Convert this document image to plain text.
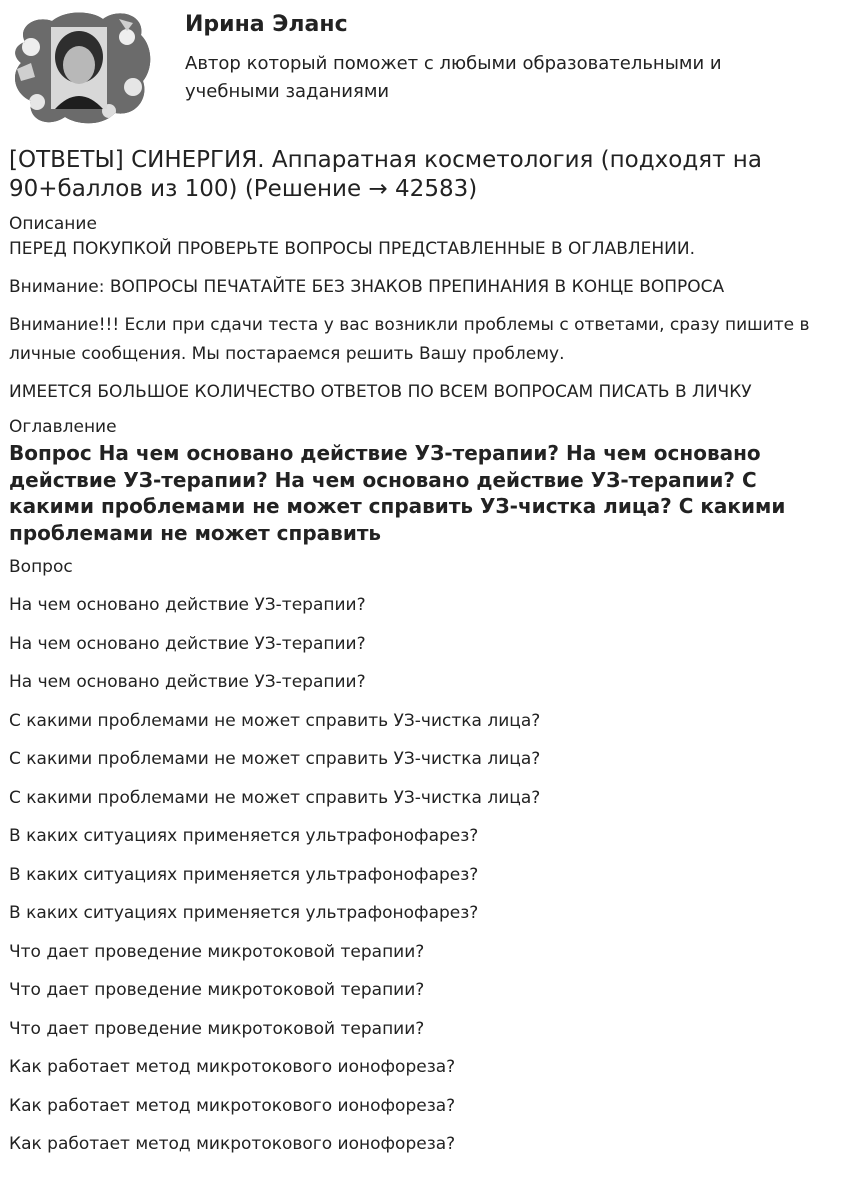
Ирина Эланс
Автор который поможет с любыми образовательными и учебными заданиями
[ОТВЕТЫ] СИНЕРГИЯ. Аппаратная косметология (подходят на 90+баллов из 100) (Решение → 42583)
Описание

ПЕРЕД ПОКУПКОЙ ПРОВЕРЬТЕ ВОПРОСЫ ПРЕДСТАВЛЕННЫЕ В ОГЛАВЛЕНИИ.

Внимание: ВОПРОСЫ ПЕЧАТАЙТЕ БЕЗ ЗНАКОВ ПРЕПИНАНИЯ В КОНЦЕ ВОПРОСА

Внимание!!! Если при сдачи теста у вас возникли проблемы с ответами, сразу пишите в личные сообщения. Мы постараемся решить Вашу проблему.

ИМЕЕТСЯ БОЛЬШОЕ КОЛИЧЕСТВО ОТВЕТОВ ПО ВСЕМ ВОПРОСАМ ПИСАТЬ В ЛИЧКУ

Оглавление
Вопрос На чем основано действие УЗ-терапии? На чем основано действие УЗ-терапии? На чем основано действие УЗ-терапии? С какими проблемами не может справить УЗ-чистка лица? С какими проблемами не может справить
Вопрос
На чем основано действие УЗ-терапии?
На чем основано действие УЗ-терапии?
На чем основано действие УЗ-терапии?
С какими проблемами не может справить УЗ-чистка лица?
С какими проблемами не может справить УЗ-чистка лица?
С какими проблемами не может справить УЗ-чистка лица?
В каких ситуациях применяется ультрафонофарез?
В каких ситуациях применяется ультрафонофарез?
В каких ситуациях применяется ультрафонофарез?
Что дает проведение микротоковой терапии?
Что дает проведение микротоковой терапии?
Что дает проведение микротоковой терапии?
Как работает метод микротокового ионофореза?
Как работает метод микротокового ионофореза?
Как работает метод микротокового ионофореза?
